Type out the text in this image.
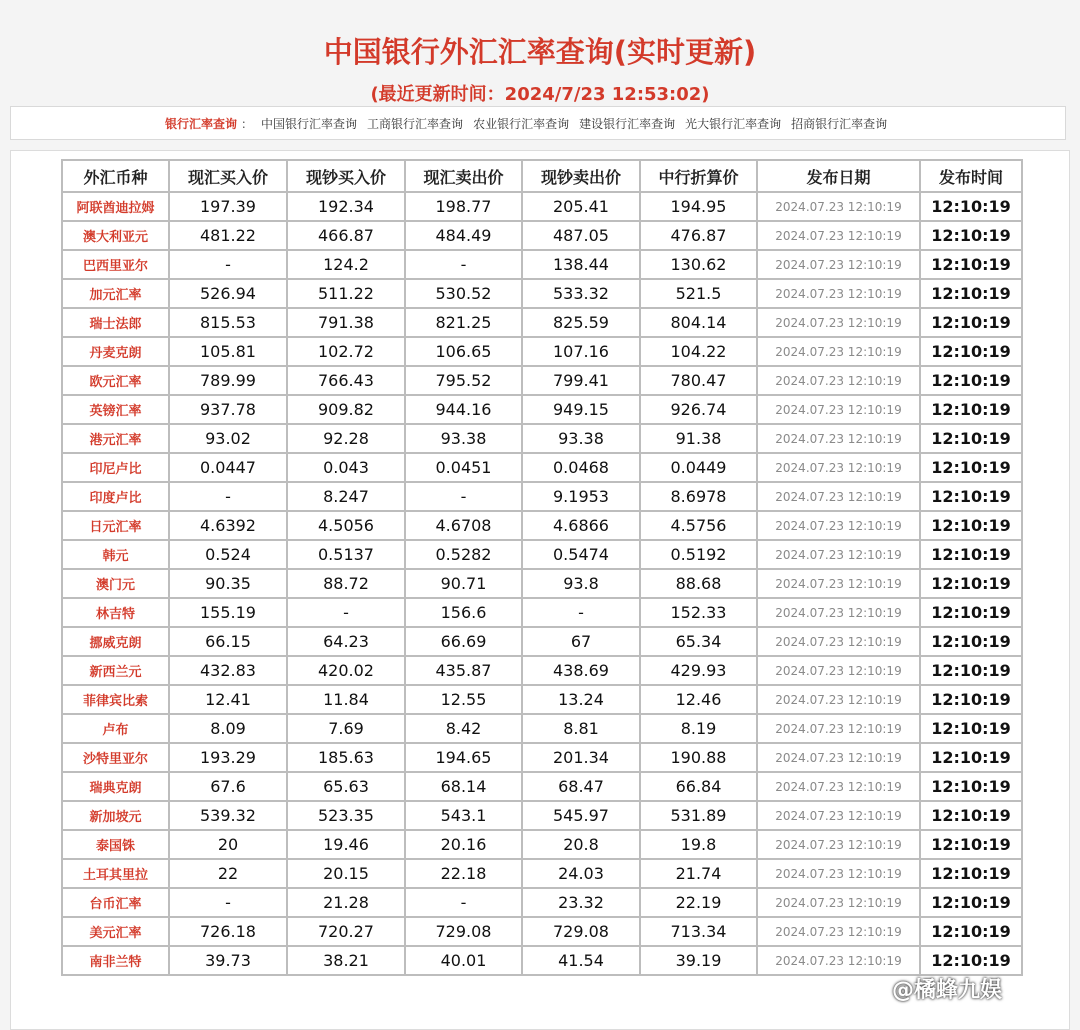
中国银行外汇汇率查询(实时更新)
(最近更新时间：2024/7/23 12:53:02)
银行汇率查询 ： 中国银行汇率查询 工商银行汇率查询 农业银行汇率查询 建设银行汇率查询 光大银行汇率查询 招商银行汇率查询
外汇币种	现汇买入价	现钞买入价	现汇卖出价	现钞卖出价	中行折算价	发布日期	发布时间
阿联酋迪拉姆	197.39	192.34	198.77	205.41	194.95	2024.07.23 12:10:19	12:10:19
澳大利亚元	481.22	466.87	484.49	487.05	476.87	2024.07.23 12:10:19	12:10:19
巴西里亚尔	-	124.2	-	138.44	130.62	2024.07.23 12:10:19	12:10:19
加元汇率	526.94	511.22	530.52	533.32	521.5	2024.07.23 12:10:19	12:10:19
瑞士法郎	815.53	791.38	821.25	825.59	804.14	2024.07.23 12:10:19	12:10:19
丹麦克朗	105.81	102.72	106.65	107.16	104.22	2024.07.23 12:10:19	12:10:19
欧元汇率	789.99	766.43	795.52	799.41	780.47	2024.07.23 12:10:19	12:10:19
英镑汇率	937.78	909.82	944.16	949.15	926.74	2024.07.23 12:10:19	12:10:19
港元汇率	93.02	92.28	93.38	93.38	91.38	2024.07.23 12:10:19	12:10:19
印尼卢比	0.0447	0.043	0.0451	0.0468	0.0449	2024.07.23 12:10:19	12:10:19
印度卢比	-	8.247	-	9.1953	8.6978	2024.07.23 12:10:19	12:10:19
日元汇率	4.6392	4.5056	4.6708	4.6866	4.5756	2024.07.23 12:10:19	12:10:19
韩元	0.524	0.5137	0.5282	0.5474	0.5192	2024.07.23 12:10:19	12:10:19
澳门元	90.35	88.72	90.71	93.8	88.68	2024.07.23 12:10:19	12:10:19
林吉特	155.19	-	156.6	-	152.33	2024.07.23 12:10:19	12:10:19
挪威克朗	66.15	64.23	66.69	67	65.34	2024.07.23 12:10:19	12:10:19
新西兰元	432.83	420.02	435.87	438.69	429.93	2024.07.23 12:10:19	12:10:19
菲律宾比索	12.41	11.84	12.55	13.24	12.46	2024.07.23 12:10:19	12:10:19
卢布	8.09	7.69	8.42	8.81	8.19	2024.07.23 12:10:19	12:10:19
沙特里亚尔	193.29	185.63	194.65	201.34	190.88	2024.07.23 12:10:19	12:10:19
瑞典克朗	67.6	65.63	68.14	68.47	66.84	2024.07.23 12:10:19	12:10:19
新加坡元	539.32	523.35	543.1	545.97	531.89	2024.07.23 12:10:19	12:10:19
泰国铢	20	19.46	20.16	20.8	19.8	2024.07.23 12:10:19	12:10:19
土耳其里拉	22	20.15	22.18	24.03	21.74	2024.07.23 12:10:19	12:10:19
台币汇率	-	21.28	-	23.32	22.19	2024.07.23 12:10:19	12:10:19
美元汇率	726.18	720.27	729.08	729.08	713.34	2024.07.23 12:10:19	12:10:19
南非兰特	39.73	38.21	40.01	41.54	39.19	2024.07.23 12:10:19	12:10:19
@橘蜂九娱
